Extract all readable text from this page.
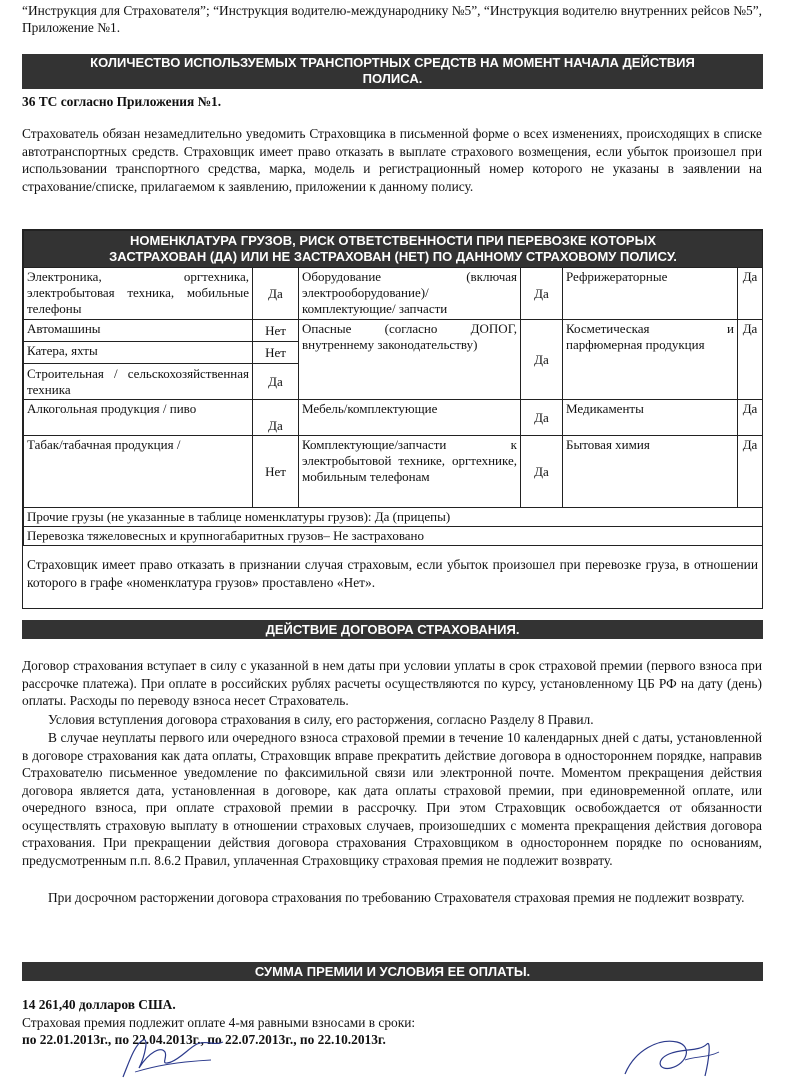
“Инструкция для Страхователя”; “Инструкция водителю-международнику №5”, “Инструкция водителю внутренних рейсов №5”, Приложение №1.

КОЛИЧЕСТВО ИСПОЛЬЗУЕМЫХ ТРАНСПОРТНЫХ СРЕДСТВ НА МОМЕНТ НАЧАЛА ДЕЙСТВИЯ
ПОЛИСА.

36 ТС согласно Приложения №1.

Страхователь обязан незамедлительно уведомить Страховщика в письменной форме о всех изменениях, происходящих в списке автотранспортных средств. Страховщик имеет право отказать в выплате страхового возмещения, если убыток произошел при использовании транспортного средства, марка, модель и регистрационный номер которого не указаны в заявлении на страхование/списке, прилагаемом к заявлению, приложении к данному полису.

НОМЕНКЛАТУРА ГРУЗОВ, РИСК ОТВЕТСТВЕННОСТИ ПРИ ПЕРЕВОЗКЕ КОТОРЫХ
ЗАСТРАХОВАН (ДА) ИЛИ НЕ ЗАСТРАХОВАН (НЕТ) ПО ДАННОМУ СТРАХОВОМУ ПОЛИСУ.					

Электроника, оргтехника, электробытовая техника, мобильные телефоны	Да	Оборудование (включая электрооборудование)/ комплектующие/ запчасти	Да	Рефрижераторные	Да
Автомашины	Нет	Опасные (согласно ДОПОГ, внутреннему законодательству)	Да	Косметическая и парфюмерная продукция	Да
Катера, яхты	Нет				
Строительная / сельскохозяйственная техника	Да				
Алкогольная продукция / пиво	Да	Мебель/комплектующие	Да	Медикаменты	Да
Табак/табачная продукция /	Нет	Комплектующие/запчасти к электробытовой технике, оргтехнике, мобильным телефонам	Да	Бытовая химия	Да
Прочие грузы (не указанные в таблице номенклатуры грузов): Да (прицепы)					
Перевозка тяжеловесных и крупногабаритных грузов– Не застраховано					
Страховщик имеет право отказать в признании случая страховым, если убыток произошел при перевозке груза, в отношении которого в графе «номенклатура грузов» проставлено «Нет».
ДЕЙСТВИЕ ДОГОВОРА СТРАХОВАНИЯ.

Договор страхования вступает в силу с указанной в нем даты при условии уплаты в срок страховой премии (первого взноса при рассрочке платежа). При оплате в российских рублях расчеты осуществляются по курсу, установленному ЦБ РФ на дату (день) оплаты. Расходы по переводу взноса несет Страхователь.

Условия вступления договора страхования в силу, его расторжения, согласно Разделу 8 Правил.

В случае неуплаты первого или очередного взноса страховой премии в течение 10 календарных дней с даты, установленной в договоре страхования как дата оплаты, Страховщик вправе прекратить действие договора в одностороннем порядке, направив Страхователю письменное уведомление по факсимильной связи или электронной почте. Моментом прекращения действия договора является дата, установленная в договоре, как дата оплаты страховой премии, при единовременной оплате, или очередного взноса, при оплате страховой премии в рассрочку. При этом Страховщик освобождается от обязанности осуществлять страховую выплату в отношении страховых случаев, произошедших с момента прекращения действия договора страхования. При прекращении действия договора страхования Страховщиком в одностороннем порядке по основаниям, предусмотренным п.п. 8.6.2 Правил, уплаченная Страховщику страховая премия не подлежит возврату.

При досрочном расторжении договора страхования по требованию Страхователя страховая премия не подлежит возврату.

СУММА ПРЕМИИ И УСЛОВИЯ ЕЕ ОПЛАТЫ.

14 261,40 долларов США.

Страховая премия подлежит оплате 4-мя равными взносами в сроки:

по 22.01.2013г., по 22.04.2013г., по 22.07.2013г., по 22.10.2013г.
